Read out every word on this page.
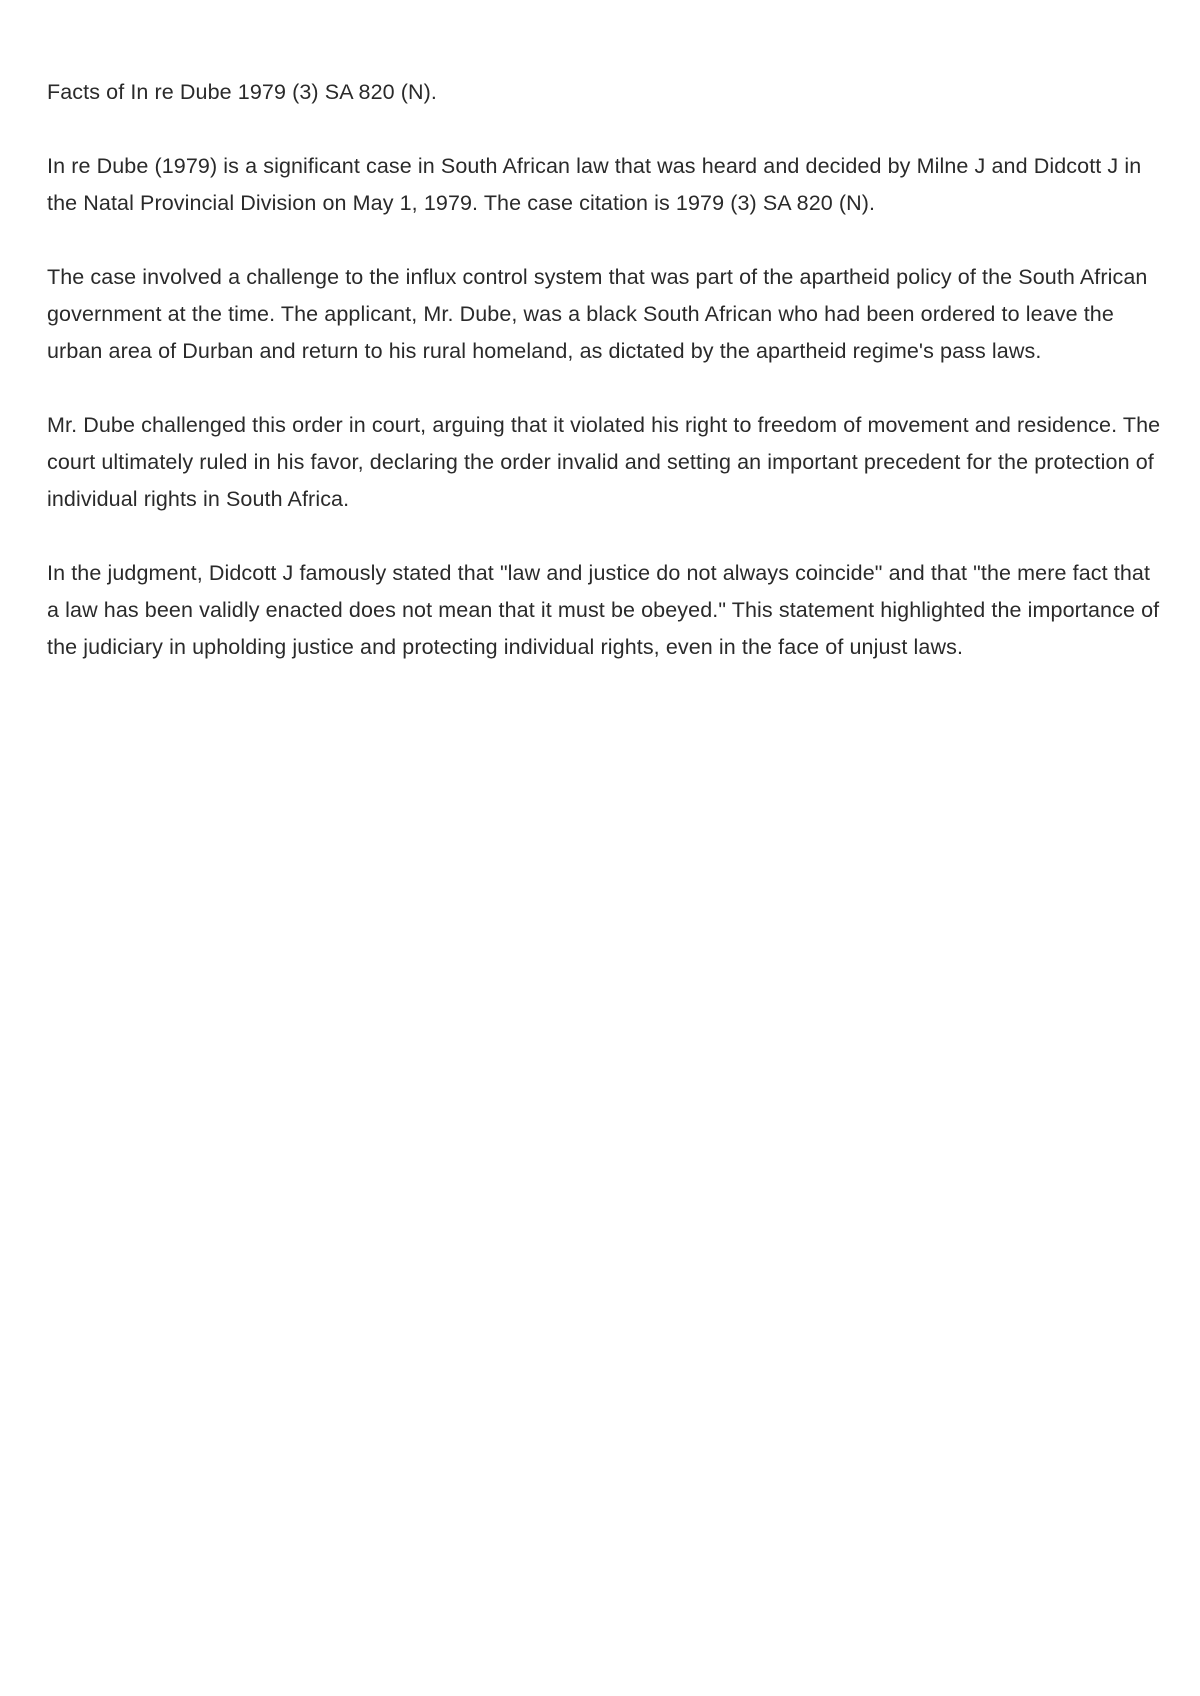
Facts of In re Dube 1979 (3) SA 820 (N).

In re Dube (1979) is a significant case in South African law that was heard and decided by Milne J and Didcott J in the Natal Provincial Division on May 1, 1979. The case citation is 1979 (3) SA 820 (N).

The case involved a challenge to the influx control system that was part of the apartheid policy of the South African government at the time. The applicant, Mr. Dube, was a black South African who had been ordered to leave the urban area of Durban and return to his rural homeland, as dictated by the apartheid regime's pass laws.

Mr. Dube challenged this order in court, arguing that it violated his right to freedom of movement and residence. The court ultimately ruled in his favor, declaring the order invalid and setting an important precedent for the protection of individual rights in South Africa.

In the judgment, Didcott J famously stated that "law and justice do not always coincide" and that "the mere fact that a law has been validly enacted does not mean that it must be obeyed." This statement highlighted the importance of the judiciary in upholding justice and protecting individual rights, even in the face of unjust laws.
